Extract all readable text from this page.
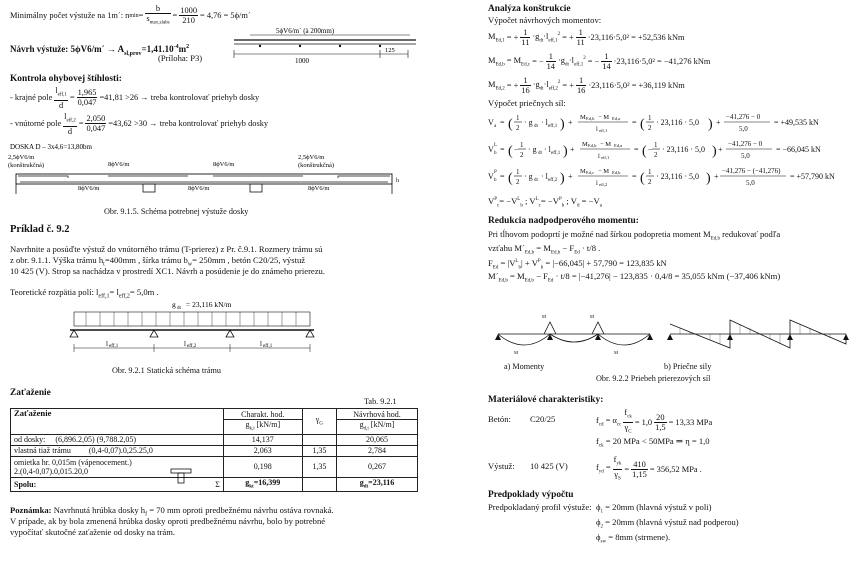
Minimálny počet výstuže na 1m´: n $\min = \frac{b}{s_{max,slabs}} = \frac{1000}{210} = 4,76$ = 5ϕ/m´
5ϕV6/m´ (à 200mm)
1000
125
Návrh výstuže: 5ϕV6/m´ → $A_{sl,prov}=1,41.10^{-4}m^2$
(Príloha: P3)
Kontrola ohybovej štíhlosti:
- krajné pole $\frac{l_{eff,1}}{d} = \frac{1,965}{0,047} =41,81 >26$ → treba kontrolovať priehyb dosky
- vnútorné pole $\frac{l_{eff,2}}{d} = \frac{2,050}{0,047} =43,62 >30$ → treba kontrolovať priehyb dosky
DOSKA D – 3x4,6=13,80bm
2,5ϕV6/m
(konštrukčná)
2,5ϕV6/m
(konštrukčná)
8ϕV6/m	8ϕV6/m
8ϕV6/m	8ϕV6/m	8ϕV6/m
h
Obr. 9.1.5. Schéma potrebnej výstuže dosky
Príklad č. 9.2
Navrhnite a posúďte výstuž do vnútorného trámu (T-prierez) z Pr. č.9.1. Rozmery trámu sú
z obr. 9.1.1. Výška trámu $h_t=400mm$ , šírka trámu $b_w= 250mm$ , betón C20/25, výstuž
10 425 (V). Strop sa nachádza v prostredí XC1. Návrh a posúdenie je do známeho prierezu.
Teoretické rozpätia polí: $l_{eff,1}= l_{eff,2}= 5,0m$ .
g dt = 23,116 kN/m
l eff,1	l eff,2	l eff,1
Obr. 9.2.1 Statická schéma trámu
Zaťaženie
Tab. 9.2.1
Zaťaženie	Charakt. hod.	$\gamma_G$	Návrhová hod.
	$g_{k,i}$ [kN/m]		$g_{d,i}$ [kN/m]
od dosky: (6,896.2,05) (9,788.2,05)	14,137		20,065
vlastná tiaž trámu (0,4-0,07).0,25.25,0	2,063	1,35	2,784
omietka hr. 0,015m (vápenocement.)
2.(0,4-0,07).0,015.20,0	0,198	1,35	0,267
Spolu: Σ	$g_{kt}=16,399$		$g_{dt}=23,116$
Poznámka: Navrhnutá hrúbka dosky $h_f = 70$ mm oproti predbežnému návrhu ostáva rovnaká.
V prípade, ak by bola zmenená hrúbka dosky oproti predbežnému návrhu, bolo by potrebné
vypočítať skutočné zaťaženie od dosky na trám.
Analýza konštrukcie
Výpočet návrhových momentov:
$M_{Ed,1}$ = + $\frac{1}{11} \cdot g_{dt}\cdot l_{eff,1}^2$ = + $\frac{1}{11} \cdot 23,116\cdot 5,0^2 = +52,536$ kNm
$M_{Ed,b}$
= $M_{Ed,c}$ = − $\frac{1}{14} \cdot g_{dt}\cdot l_{eff,1}^2$ = − $\frac{1}{14} \cdot 23,116\cdot 5,0^2 = -41,276$ kNm
$M_{Ed,2}$ = + $\frac{1}{16} \cdot g_{dt}\cdot l_{eff,2}^2$ = + $\frac{1}{16} \cdot 23,116\cdot 5,0^2 = +36,119$ kNm
Výpočet priečnych síl:
V a = ( 1
2
· g dt · l eff,1 ) +
M Ed,b − M Ed,a
l eff,1
= ( 1
2
· 23,116 · 5,0 ) +
−41,276 − 0
5,0
= +49,535 kN
V b
L = ( − 1
2
· g dt · l eff,1 ) +
M Ed,b − M Ed,a
l eff,1
= ( − 1
2
· 23,116 · 5,0 ) +
−41,276 − 0
5,0
= −66,045 kN
V b
P = ( 1
2
· g dt · l eff,2 ) +
M Ed,c − M Ed,b
l eff,2
= ( 1
2
· 23,116 · 5,0 ) +
−41,276 − (−41,276)
5,0
= +57,790 kN
$V^P_c= -V^L_b$ ; $V^L_c= -V^P_b$ ; $V_d = -V_a$
Redukcia nadpodperového momentu:
Pri tĺhovom podoprtí je možné nad šírkou podopretia moment $M_{Ed,b}$ redukovať podľa
vzťahu $M´_{Ed,b} = M_{Ed,b} - F_{Ed} \cdot t/8$ .
$F_{Ed} = |V^L_b| + V^P_b = |-66,045| + 57,790 = 123,835$ kN
$M´_{Ed,b} = M_{Ed,b} - F_{Ed} \cdot t/8 = |-41,276| - 123,835 \cdot 0,4/8 = 35,055$ kNm (−37,406 kNm)
M	M
M	M
a) Momenty	b) Priečne sily
Obr. 9.2.2 Priebeh prierezových síl
Materiálové charakteristiky:
Betón: C20/25	$f_{cd} = \alpha_{cc} \frac{f_{ck}}{\gamma_C} = 1,0 \frac{20}{1,5} = 13,33$ MPa
$f_{ck} = 20$ MPa < 50MPa ⇒ η = 1,0
Výstuž: 10 425 (V)	$f_{yd} = \frac{f_{yk}}{\gamma_S} = \frac{410}{1,15} = 356,52$ MPa .
Predpoklady výpočtu
Predpokladaný profil výstuže: $\phi_1 = 20mm$ (hlavná výstuž v poli)
$\phi_2 = 20mm$ (hlavná výstuž nad podperou)
$\phi_{sw} = 8mm$ (strmene).
